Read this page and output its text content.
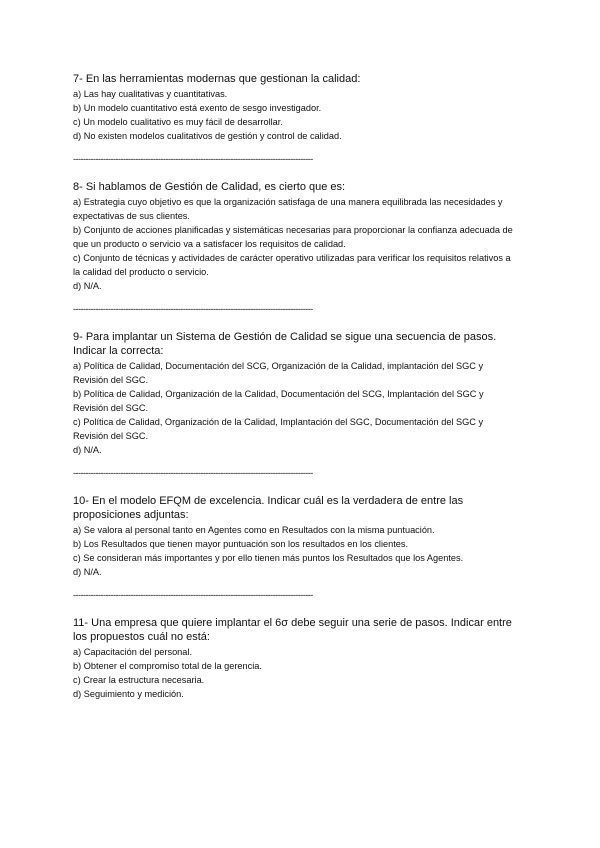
7- En las herramientas modernas que gestionan la calidad:

a) Las hay cualitativas y cuantitativas.

b) Un modelo cuantitativo está exento de sesgo investigador.

c) Un modelo cualitativo es muy fácil de desarrollar.

d) No existen modelos cualitativos de gestión y control de calidad.

------------------------------------------------------------------------------------------------

8- Si hablamos de Gestión de Calidad, es cierto que es:

a) Estrategia cuyo objetivo es que la organización satisfaga de una manera equilibrada las necesidades y expectativas de sus clientes.

b) Conjunto de acciones planificadas y sistemáticas necesarias para proporcionar la confianza adecuada de que un producto o servicio va a satisfacer los requisitos de calidad.

c) Conjunto de técnicas y actividades de carácter operativo utilizadas para verificar los requisitos relativos a la calidad del producto o servicio.

d) N/A.

------------------------------------------------------------------------------------------------

9- Para implantar un Sistema de Gestión de Calidad se sigue una secuencia de pasos. Indicar la correcta:

a) Política de Calidad, Documentación del SCG, Organización de la Calidad, implantación del SGC y Revisión del SGC.

b) Política de Calidad, Organización de la Calidad, Documentación del SCG, Implantación del SGC y Revisión del SGC.

c) Política de Calidad, Organización de la Calidad, Implantación del SGC, Documentación del SGC y Revisión del SGC.

d) N/A.

------------------------------------------------------------------------------------------------

10- En el modelo EFQM de excelencia. Indicar cuál es la verdadera de entre las proposiciones adjuntas:

a) Se valora al personal tanto en Agentes como en Resultados con la misma puntuación.

b) Los Resultados que tienen mayor puntuación son los resultados en los clientes.

c) Se consideran más importantes y por ello tienen más puntos los Resultados que los Agentes.

d) N/A.

------------------------------------------------------------------------------------------------

11- Una empresa que quiere implantar el 6σ debe seguir una serie de pasos. Indicar entre los propuestos cuál no está:

a) Capacitación del personal.

b) Obtener el compromiso total de la gerencia.

c) Crear la estructura necesaria.

d) Seguimiento y medición.
